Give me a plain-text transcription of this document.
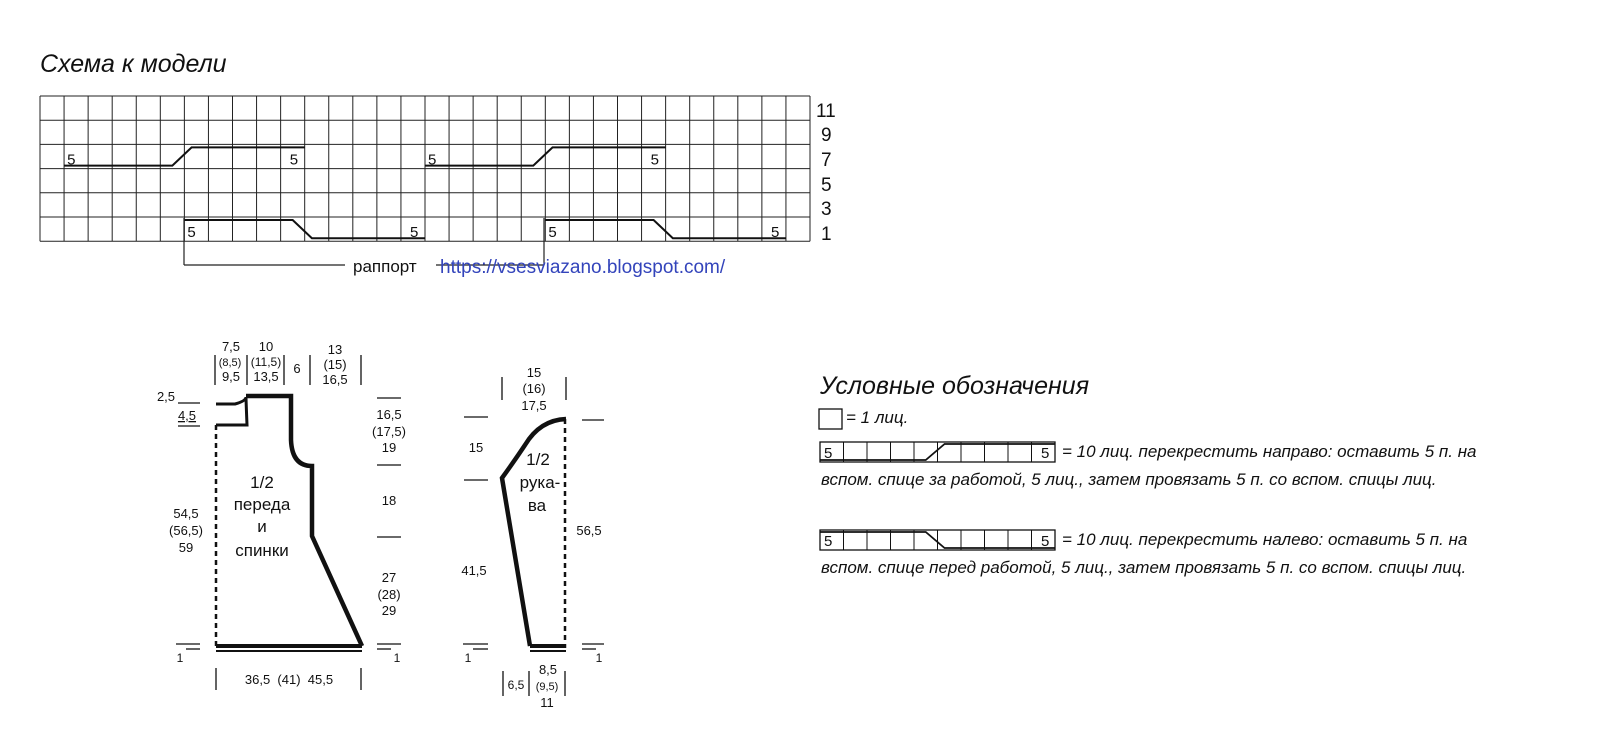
Схема к модели
5	5	5	5
5	5	5	5
11
9
7
5
3
1
раппорт https://vsesviazano.blogspot.com/
1/2
переда
и
спинки
7,5
(8,5)
9,5
10
(11,5)
13,5
6
13
(15)
16,5
2,5
4,5
54,5
(56,5)
59
1
16,5
(17,5)
19
18
27
(28)
29
1
36,5  (41)  45,5
1/2
рука-
ва
15
(16)
17,5
15
41,5
1
56,5
1
6,5
8,5
(9,5)
11
Условные обозначения
5	5
5	5
= 1 лиц.
= 10 лиц. перекрестить направо: оставить 5 п. на
вспом. спице за работой, 5 лиц., затем провязать 5 п. со вспом. спицы лиц.
= 10 лиц. перекрестить налево: оставить 5 п. на
вспом. спице перед работой, 5 лиц., затем провязать 5 п. со вспом. спицы лиц.
